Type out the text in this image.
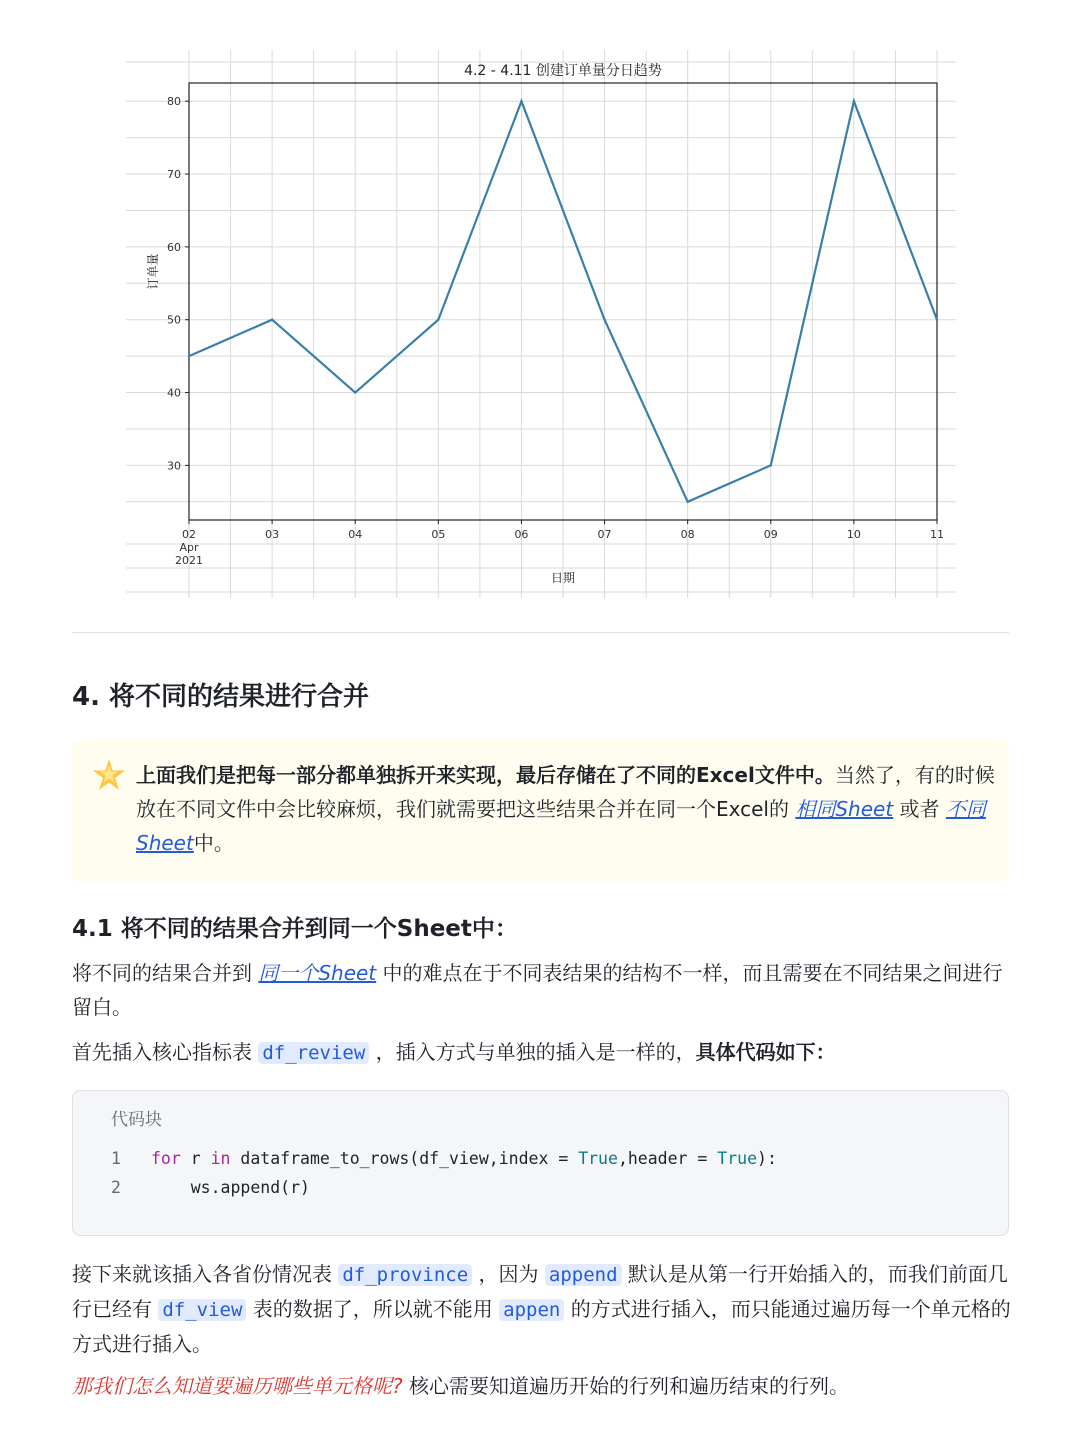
30
40
50
60
70
80
02	03	04	05	06	07	08	09	10	11
Apr
2021
4.2 - 4.11 创建订单量分日趋势
日期
订单量
4. 将不同的结果进行合并
上面我们是把每一部分都单独拆开来实现，最后存储在了不同的Excel文件中。当然了，有的时候放在不同文件中会比较麻烦，我们就需要把这些结果合并在同一个Excel的 相同Sheet 或者 不同Sheet中。
4.1 将不同的结果合并到同一个Sheet中：

将不同的结果合并到 同一个Sheet 中的难点在于不同表结果的结构不一样，而且需要在不同结果之间进行留白。

首先插入核心指标表 df_review ，插入方式与单独的插入是一样的，具体代码如下：

代码块
1 for r in dataframe_to_rows(df_view,index = True,header = True):
2    ws.append(r)

接下来就该插入各省份情况表 df_province ，因为 append 默认是从第一行开始插入的，而我们前面几行已经有 df_view 表的数据了，所以就不能用 appen 的方式进行插入，而只能通过遍历每一个单元格的方式进行插入。

那我们怎么知道要遍历哪些单元格呢? 核心需要知道遍历开始的行列和遍历结束的行列。
